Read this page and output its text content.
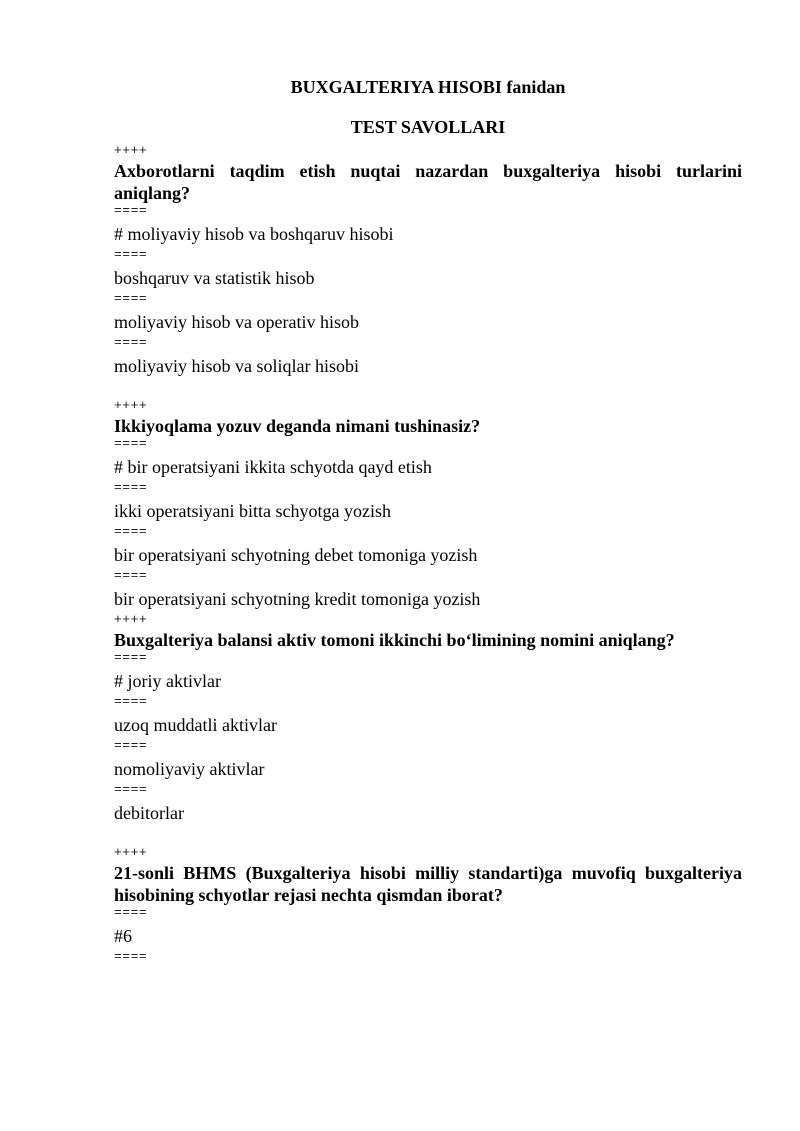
BUXGALTERIYA HISOBI fanidan
TEST SAVOLLARI
++++
Axborotlarni taqdim etish nuqtai nazardan buxgalteriya hisobi turlarini aniqlang?
====
# moliyaviy hisob va boshqaruv hisobi
====
boshqaruv va statistik hisob
====
moliyaviy hisob va operativ hisob
====
moliyaviy hisob va soliqlar hisobi
++++
Ikkiyoqlama yozuv deganda nimani tushinasiz?
====
# bir operatsiyani ikkita schyotda qayd etish
====
ikki operatsiyani bitta schyotga yozish
====
bir operatsiyani schyotning debet tomoniga yozish
====
bir operatsiyani schyotning kredit tomoniga yozish
++++
Buxgalteriya balansi aktiv tomoni ikkinchi bo‘limining nomini aniqlang?
====
# joriy aktivlar
====
uzoq muddatli aktivlar
====
nomoliyaviy aktivlar
====
debitorlar
++++
21-sonli BHMS (Buxgalteriya hisobi milliy standarti)ga muvofiq buxgalteriya hisobining schyotlar rejasi nechta qismdan iborat?
====
#6
====
